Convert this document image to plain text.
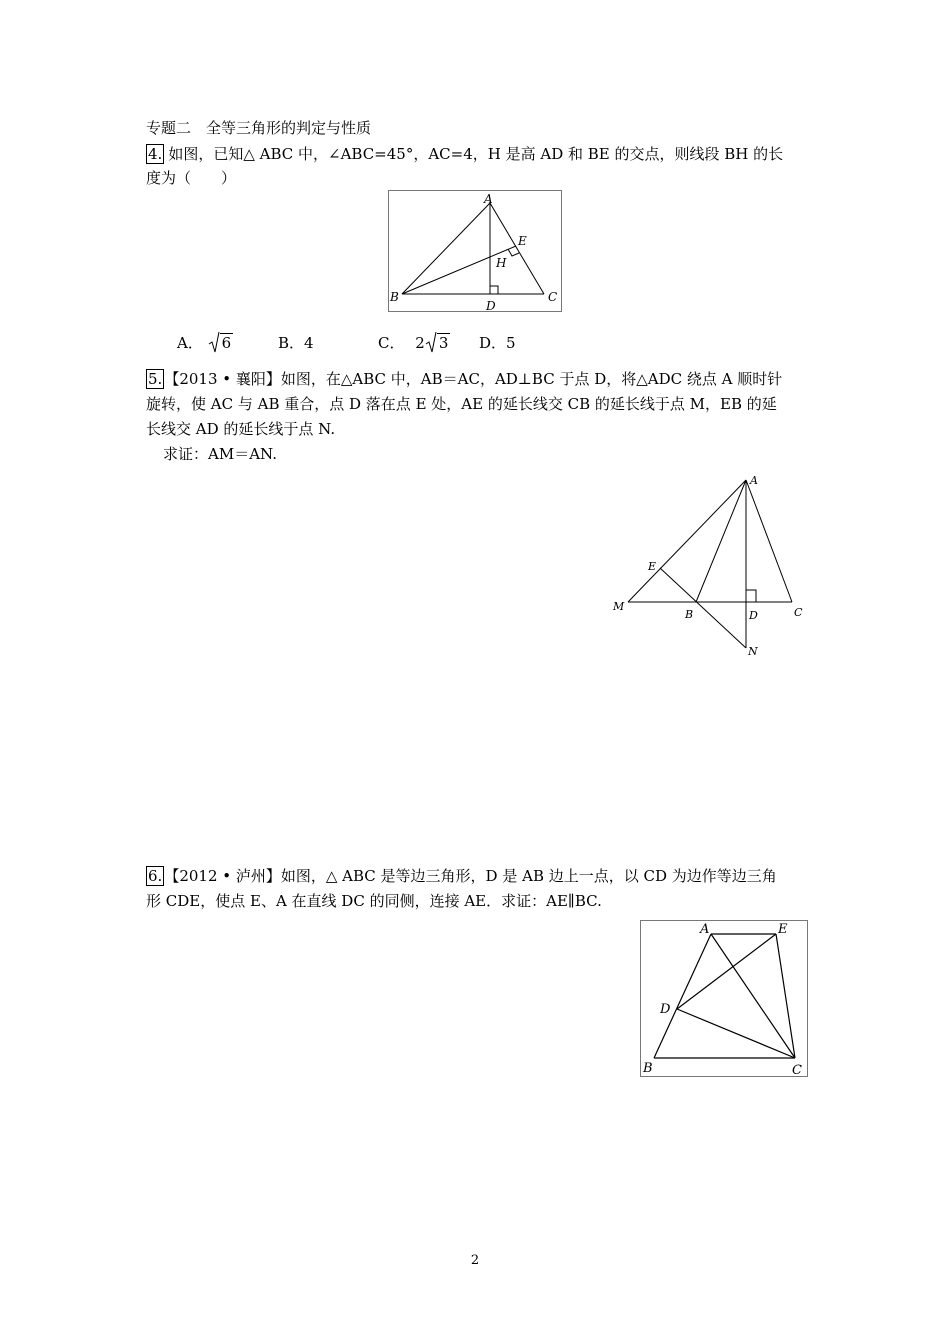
专题二　全等三角形的判定与性质
4. 如图，已知△ ABC 中，∠ABC=45°，AC=4，H 是高 AD 和 BE 的交点，则线段 BH 的长
度为（　　）
A
E
H
B
D
C
A． 6	B．4	C． 2 3 D．5
5. 【2013 • 襄阳】如图，在△ABC 中，AB＝AC，AD⊥BC 于点 D，将△ADC 绕点 A 顺时针
旋转，使 AC 与 AB 重合，点 D 落在点 E 处，AE 的延长线交 CB 的延长线于点 M，EB 的延
长线交 AD 的延长线于点 N.
求证：AM＝AN.
A
E
M
B	D	C
N
6. 【2012 • 泸州】如图，△ ABC 是等边三角形，D 是 AB 边上一点，以 CD 为边作等边三角
形 CDE，使点 E、A 在直线 DC 的同侧，连接 AE．求证：AE∥BC.
A	E
D
B	C
2
